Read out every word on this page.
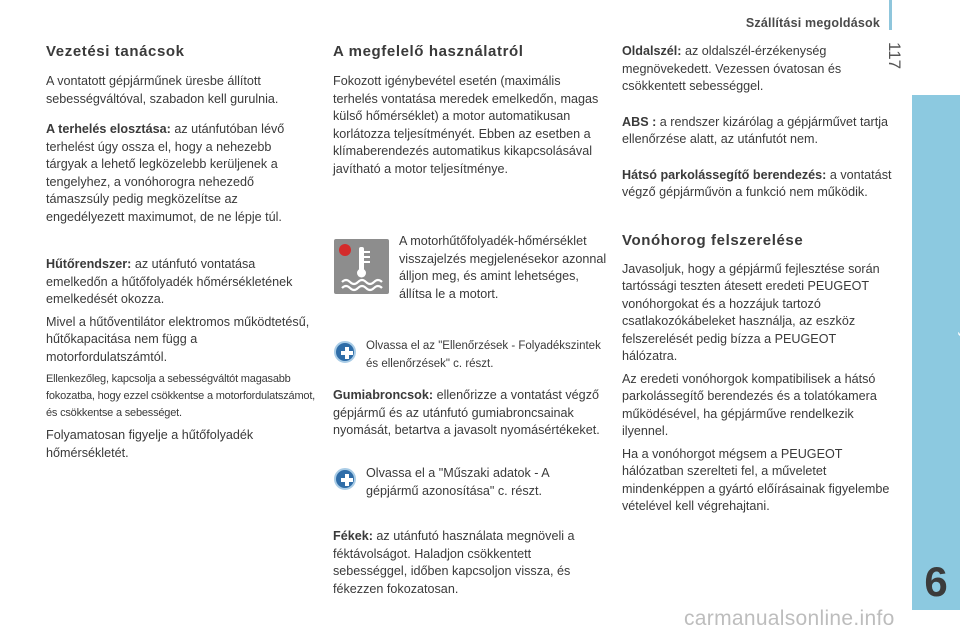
Szállítási megoldások
117
TARTOZÉKOK
6
Vezetési tanácsok

A vontatott gépjárműnek üresbe állított sebességváltóval, szabadon kell gurulnia.

A terhelés elosztása: az utánfutóban lévő terhelést úgy ossza el, hogy a nehezebb tárgyak a lehető legközelebb kerüljenek a tengelyhez, a vonóhorogra nehezedő támaszsúly pedig megközelítse az engedélyezett maximumot, de ne lépje túl.

Hűtőrendszer: az utánfutó vontatása emelkedőn a hűtőfolyadék hőmérsékletének emelkedését okozza.

Mivel a hűtőventilátor elektromos működtetésű, hűtőkapacitása nem függ a motorfordulatszámtól.

Ellenkezőleg, kapcsolja a sebességváltót magasabb fokozatba, hogy ezzel csökkentse a motorfordulatszámot, és csökkentse a sebességet.

Folyamatosan figyelje a hűtőfolyadék hőmérsékletét.

A megfelelő használatról

Fokozott igénybevétel esetén (maximális terhelés vontatása meredek emelkedőn, magas külső hőmérséklet) a motor automatikusan korlátozza teljesítményét. Ebben az esetben a klímaberendezés automatikus kikapcsolásával javítható a motor teljesítménye.

A motorhűtőfolyadék-hőmérséklet visszajelzés megjelenésekor azonnal álljon meg, és amint lehetséges, állítsa le a motort.

Olvassa el az "Ellenőrzések - Folyadékszintek és ellenőrzések" c. részt.

Gumiabroncsok: ellenőrizze a vontatást végző gépjármű és az utánfutó gumiabroncsainak nyomását, betartva a javasolt nyomásértékeket.

Olvassa el a "Műszaki adatok - A gépjármű azonosítása" c. részt.

Fékek: az utánfutó használata megnöveli a féktávolságot. Haladjon csökkentett sebességgel, időben kapcsoljon vissza, és fékezzen fokozatosan.

Oldalszél: az oldalszél-érzékenység megnövekedett. Vezessen óvatosan és csökkentett sebességgel.

ABS : a rendszer kizárólag a gépjárművet tartja ellenőrzése alatt, az utánfutót nem.

Hátsó parkolássegítő berendezés: a vontatást végző gépjárművön a funkció nem működik.

Vonóhorog felszerelése

Javasoljuk, hogy a gépjármű fejlesztése során tartóssági teszten átesett eredeti PEUGEOT vonóhorgokat és a hozzájuk tartozó csatlakozókábeleket használja, az eszköz felszerelését pedig bízza a PEUGEOT hálózatra.

Az eredeti vonóhorgok kompatibilisek a hátsó parkolássegítő berendezés és a tolatókamera működésével, ha gépjárműve rendelkezik ilyennel.

Ha a vonóhorgot mégsem a PEUGEOT hálózatban szerelteti fel, a műveletet mindenképpen a gyártó előírásainak figyelembe vételével kell végrehajtani.

carmanualsonline.info
